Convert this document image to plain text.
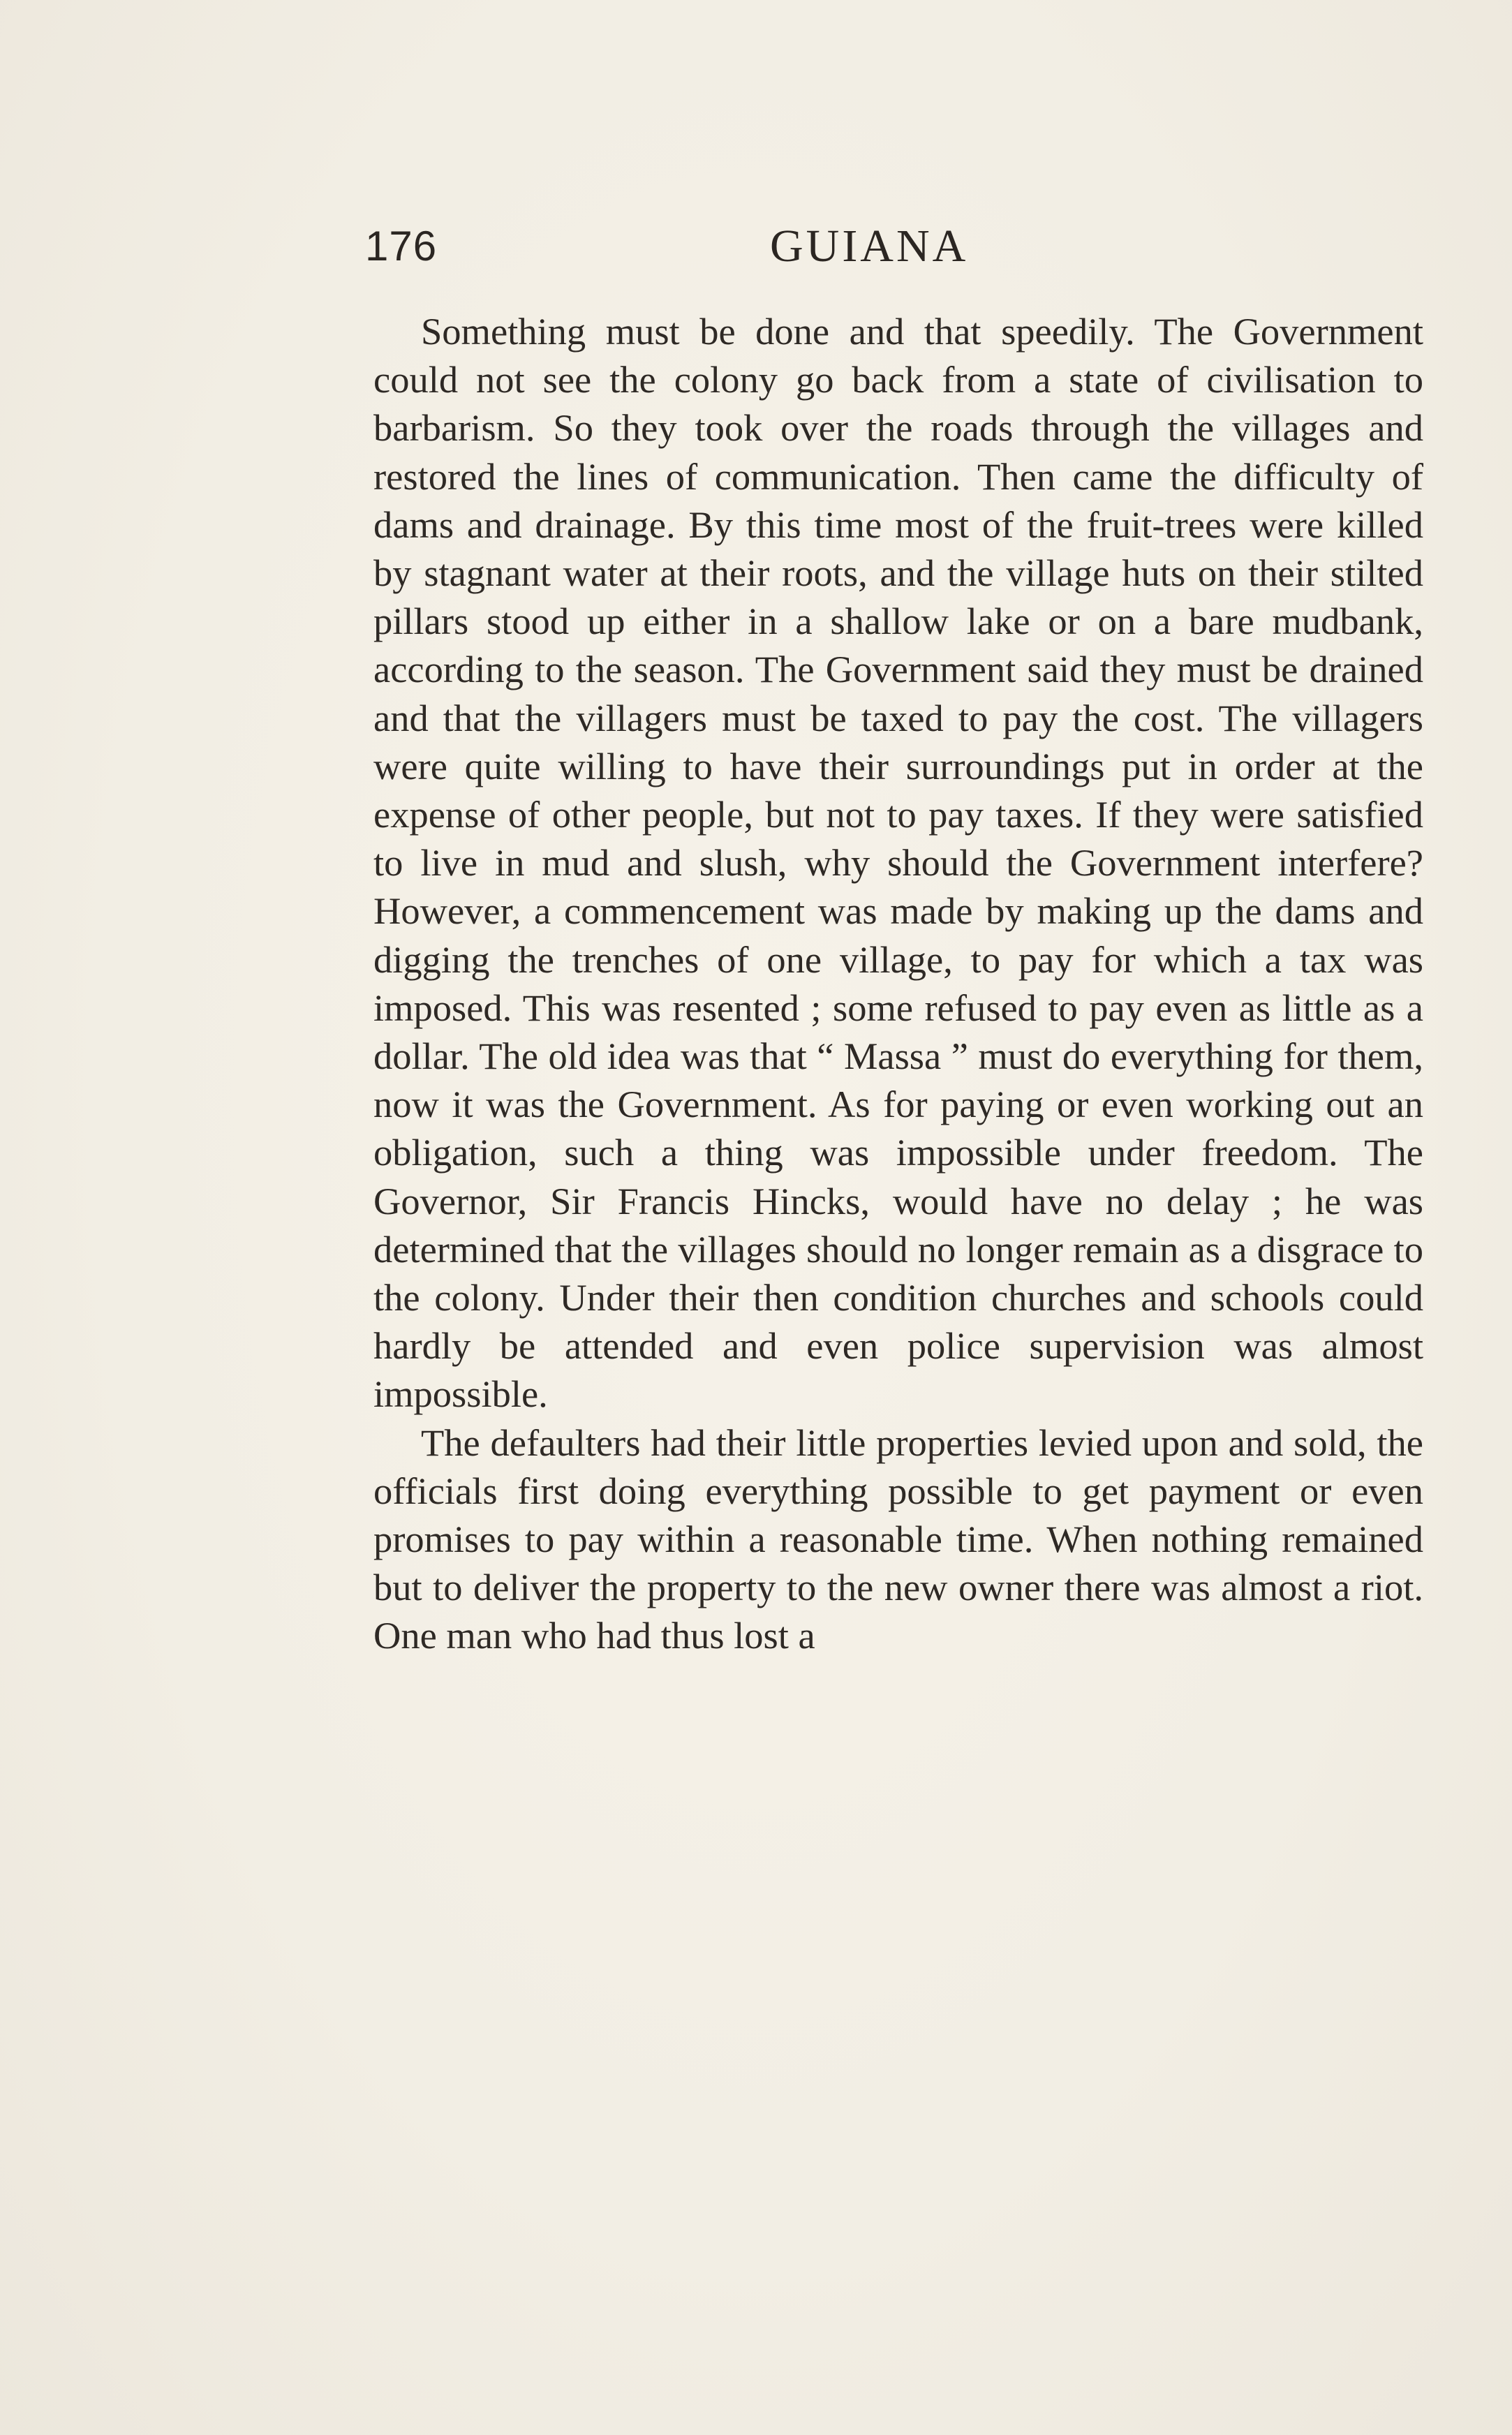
176	GUIANA

Something must be done and that speedily. The Government could not see the colony go back from a state of civilisation to barbarism. So they took over the roads through the villages and restored the lines of communication. Then came the difficulty of dams and drainage. By this time most of the fruit-trees were killed by stagnant water at their roots, and the village huts on their stilted pillars stood up either in a shallow lake or on a bare mudbank, according to the season. The Government said they must be drained and that the villagers must be taxed to pay the cost. The villagers were quite willing to have their surroundings put in order at the expense of other people, but not to pay taxes. If they were satisfied to live in mud and slush, why should the Government interfere? However, a commencement was made by making up the dams and digging the trenches of one village, to pay for which a tax was imposed. This was resented ; some refused to pay even as little as a dollar. The old idea was that “ Massa ” must do everything for them, now it was the Government. As for paying or even working out an obligation, such a thing was impossible under freedom. The Governor, Sir Francis Hincks, would have no delay ; he was determined that the villages should no longer remain as a disgrace to the colony. Under their then condition churches and schools could hardly be attended and even police supervision was almost impossible.

The defaulters had their little properties levied upon and sold, the officials first doing everything possible to get payment or even promises to pay within a reasonable time. When nothing remained but to deliver the property to the new owner there was almost a riot. One man who had thus lost a
